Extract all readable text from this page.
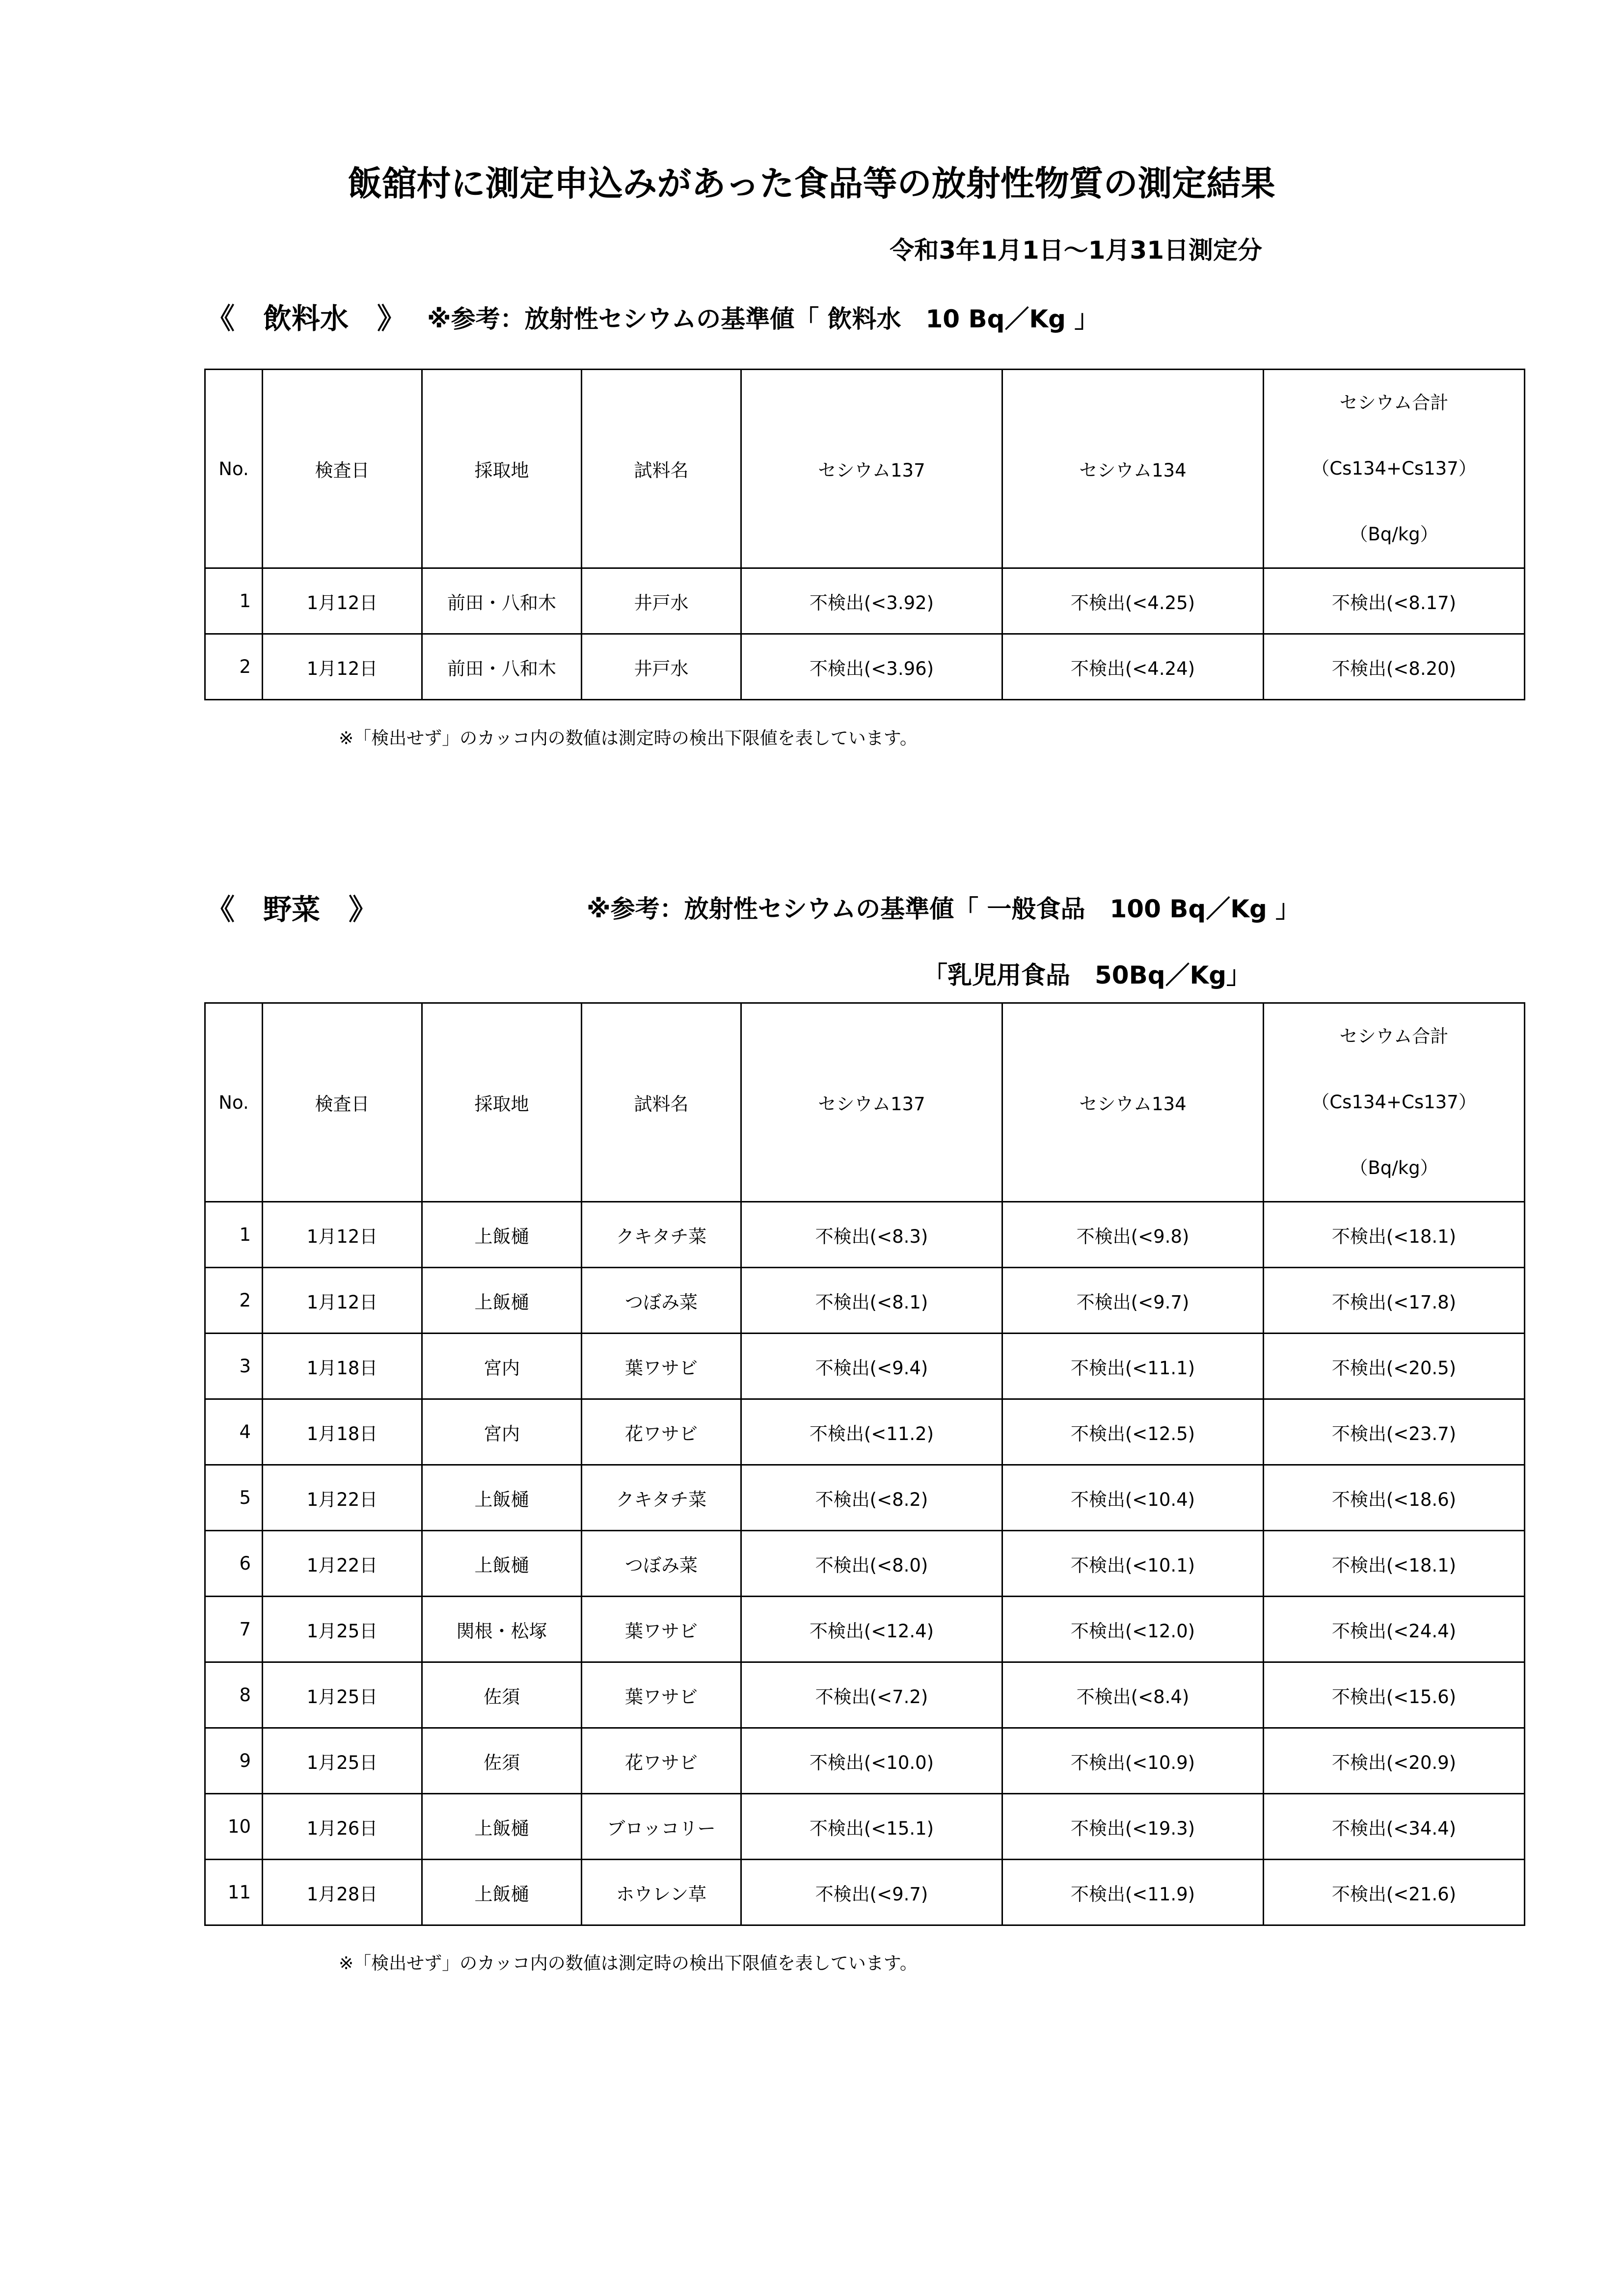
飯舘村に測定申込みがあった食品等の放射性物質の測定結果
令和3年1月1日～1月31日測定分
《　飲料水　》 ※参考：放射性セシウムの基準値「 飲料水　10 Bq／Kg 」
No.	検査日	採取地	試料名	セシウム137	セシウム134	セシウム合計
（Cs134+Cs137）
（Bq/kg）

1	1月12日	前田・八和木	井戸水	不検出(<3.92)	不検出(<4.25)	不検出(<8.17)
2	1月12日	前田・八和木	井戸水	不検出(<3.96)	不検出(<4.24)	不検出(<8.20)
※「検出せず」のカッコ内の数値は測定時の検出下限値を表しています。
《　野菜　》	※参考：放射性セシウムの基準値「 一般食品　100 Bq／Kg 」
「乳児用食品　50Bq／Kg」
No.	検査日	採取地	試料名	セシウム137	セシウム134	セシウム合計
（Cs134+Cs137）
（Bq/kg）

1	1月12日	上飯樋	クキタチ菜	不検出(<8.3)	不検出(<9.8)	不検出(<18.1)
2	1月12日	上飯樋	つぼみ菜	不検出(<8.1)	不検出(<9.7)	不検出(<17.8)
3	1月18日	宮内	葉ワサビ	不検出(<9.4)	不検出(<11.1)	不検出(<20.5)
4	1月18日	宮内	花ワサビ	不検出(<11.2)	不検出(<12.5)	不検出(<23.7)
5	1月22日	上飯樋	クキタチ菜	不検出(<8.2)	不検出(<10.4)	不検出(<18.6)
6	1月22日	上飯樋	つぼみ菜	不検出(<8.0)	不検出(<10.1)	不検出(<18.1)
7	1月25日	関根・松塚	葉ワサビ	不検出(<12.4)	不検出(<12.0)	不検出(<24.4)
8	1月25日	佐須	葉ワサビ	不検出(<7.2)	不検出(<8.4)	不検出(<15.6)
9	1月25日	佐須	花ワサビ	不検出(<10.0)	不検出(<10.9)	不検出(<20.9)
10	1月26日	上飯樋	ブロッコリー	不検出(<15.1)	不検出(<19.3)	不検出(<34.4)
11	1月28日	上飯樋	ホウレン草	不検出(<9.7)	不検出(<11.9)	不検出(<21.6)
※「検出せず」のカッコ内の数値は測定時の検出下限値を表しています。
